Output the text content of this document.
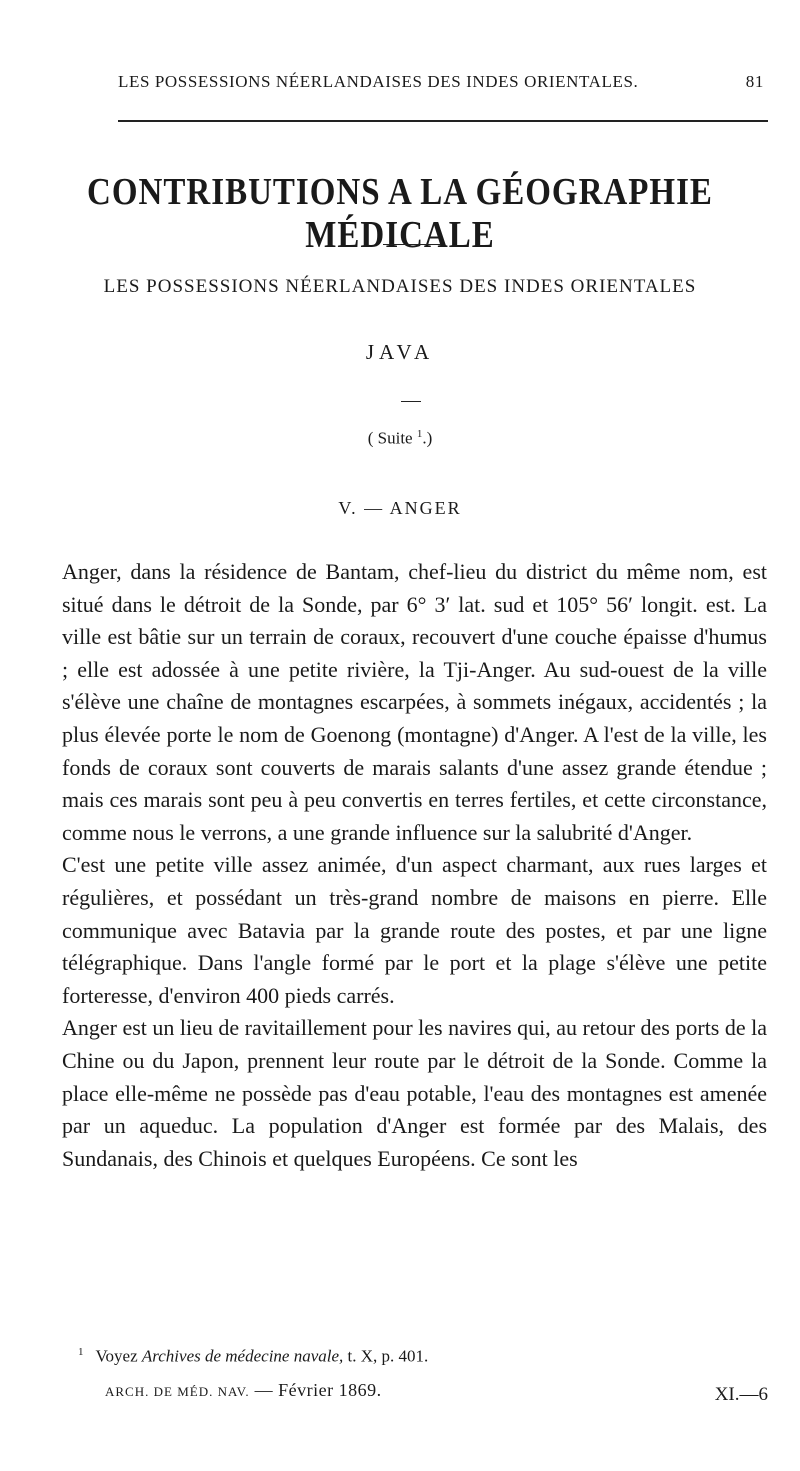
LES POSSESSIONS NÉERLANDAISES DES INDES ORIENTALES.	81
CONTRIBUTIONS A LA GÉOGRAPHIE MÉDICALE
LES POSSESSIONS NÉERLANDAISES DES INDES ORIENTALES
JAVA
( Suite $^1$.)
V. — ANGER

Anger, dans la résidence de Bantam, chef-lieu du district du même nom, est situé dans le détroit de la Sonde, par 6° 3′ lat. sud et 105° 56′ longit. est. La ville est bâtie sur un terrain de coraux, recouvert d'une couche épaisse d'humus ; elle est adossée à une petite rivière, la Tji-Anger. Au sud-ouest de la ville s'élève une chaîne de montagnes escarpées, à sommets inégaux, accidentés ; la plus élevée porte le nom de Goenong (montagne) d'Anger. A l'est de la ville, les fonds de coraux sont couverts de marais salants d'une assez grande étendue ; mais ces marais sont peu à peu convertis en terres fertiles, et cette circonstance, comme nous le verrons, a une grande influence sur la salubrité d'Anger.

C'est une petite ville assez animée, d'un aspect charmant, aux rues larges et régulières, et possédant un très-grand nombre de maisons en pierre. Elle communique avec Batavia par la grande route des postes, et par une ligne télégraphique. Dans l'angle formé par le port et la plage s'élève une petite forteresse, d'environ 400 pieds carrés.

Anger est un lieu de ravitaillement pour les navires qui, au retour des ports de la Chine ou du Japon, prennent leur route par le détroit de la Sonde. Comme la place elle-même ne possède pas d'eau potable, l'eau des montagnes est amenée par un aqueduc. La population d'Anger est formée par des Malais, des Sundanais, des Chinois et quelques Européens. Ce sont les

$^1$ Voyez Archives de médecine navale, t. X, p. 401.
ARCH. DE MÉD. NAV. — Février 1869.	XI.—6
